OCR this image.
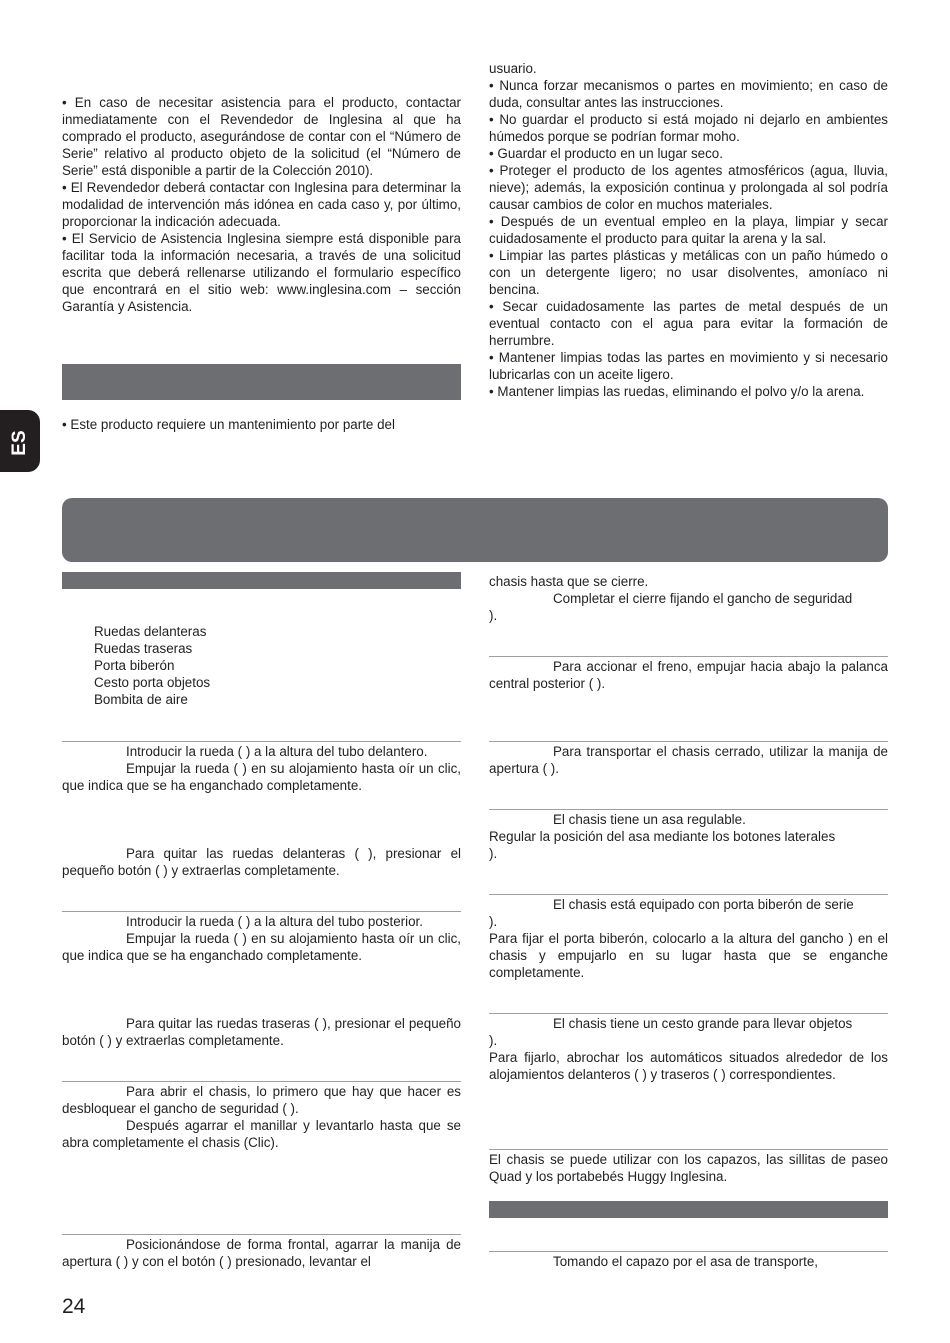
ES

• En caso de necesitar asistencia para el producto, contactar inmediatamente con el Revendedor de Inglesina al que ha comprado el producto, asegurándose de contar con el “Número de Serie” relativo al producto objeto de la solicitud (el “Número de Serie” está disponible a partir de la Colección 2010).

• El Revendedor deberá contactar con Inglesina para determinar la modalidad de intervención más idónea en cada caso y, por último, proporcionar la indicación adecuada.

• El Servicio de Asistencia Inglesina siempre está disponible para facilitar toda la información necesaria, a través de una solicitud escrita que deberá rellenarse utilizando el formulario específico que encontrará en el sitio web: www.inglesina.com – sección Garantía y Asistencia.

• Este producto requiere un mantenimiento por parte del

usuario.

• Nunca forzar mecanismos o partes en movimiento; en caso de duda, consultar antes las instrucciones.

• No guardar el producto si está mojado ni dejarlo en ambientes húmedos porque se podrían formar moho.

• Guardar el producto en un lugar seco.

• Proteger el producto de los agentes atmosféricos (agua, lluvia, nieve); además, la exposición continua y prolongada al sol podría causar cambios de color en muchos materiales.

• Después de un eventual empleo en la playa, limpiar y secar cuidadosamente el producto para quitar la arena y la sal.

• Limpiar las partes plásticas y metálicas con un paño húmedo o con un detergente ligero; no usar disolventes, amoníaco ni bencina.

• Secar cuidadosamente las partes de metal después de un eventual contacto con el agua para evitar la formación de herrumbre.

• Mantener limpias todas las partes en movimiento y si necesario lubricarlas con un aceite ligero.

• Mantener limpias las ruedas, eliminando el polvo y/o la arena.

Ruedas delanteras

Ruedas traseras

Porta biberón

Cesto porta objetos

Bombita de aire

Introducir la rueda ( ) a la altura del tubo delantero.

Empujar la rueda ( ) en su alojamiento hasta oír un clic, que indica que se ha enganchado completamente.

Para quitar las ruedas delanteras ( ), presionar el pequeño botón ( ) y extraerlas completamente.

Introducir la rueda ( ) a la altura del tubo posterior.

Empujar la rueda ( ) en su alojamiento hasta oír un clic, que indica que se ha enganchado completamente.

Para quitar las ruedas traseras ( ), presionar el pequeño botón ( ) y extraerlas completamente.

Para abrir el chasis, lo primero que hay que hacer es desbloquear el gancho de seguridad ( ).

Después agarrar el manillar y levantarlo hasta que se abra completamente el chasis (Clic).

Posicionándose de forma frontal, agarrar la manija de apertura ( ) y con el botón ( ) presionado, levantar el

chasis hasta que se cierre.

Completar el cierre fijando el gancho de seguridad

).

Para accionar el freno, empujar hacia abajo la palanca central posterior ( ).

Para transportar el chasis cerrado, utilizar la manija de apertura ( ).

El chasis tiene un asa regulable.

Regular la posición del asa mediante los botones laterales

).

El chasis está equipado con porta biberón de serie

).

Para fijar el porta biberón, colocarlo a la altura del gancho ) en el chasis y empujarlo en su lugar hasta que se enganche completamente.

El chasis tiene un cesto grande para llevar objetos

).

Para fijarlo, abrochar los automáticos situados alrededor de los alojamientos delanteros ( ) y traseros ( ) correspondientes.

El chasis se puede utilizar con los capazos, las sillitas de paseo Quad y los portabebés Huggy Inglesina.

Tomando el capazo por el asa de transporte,

24
